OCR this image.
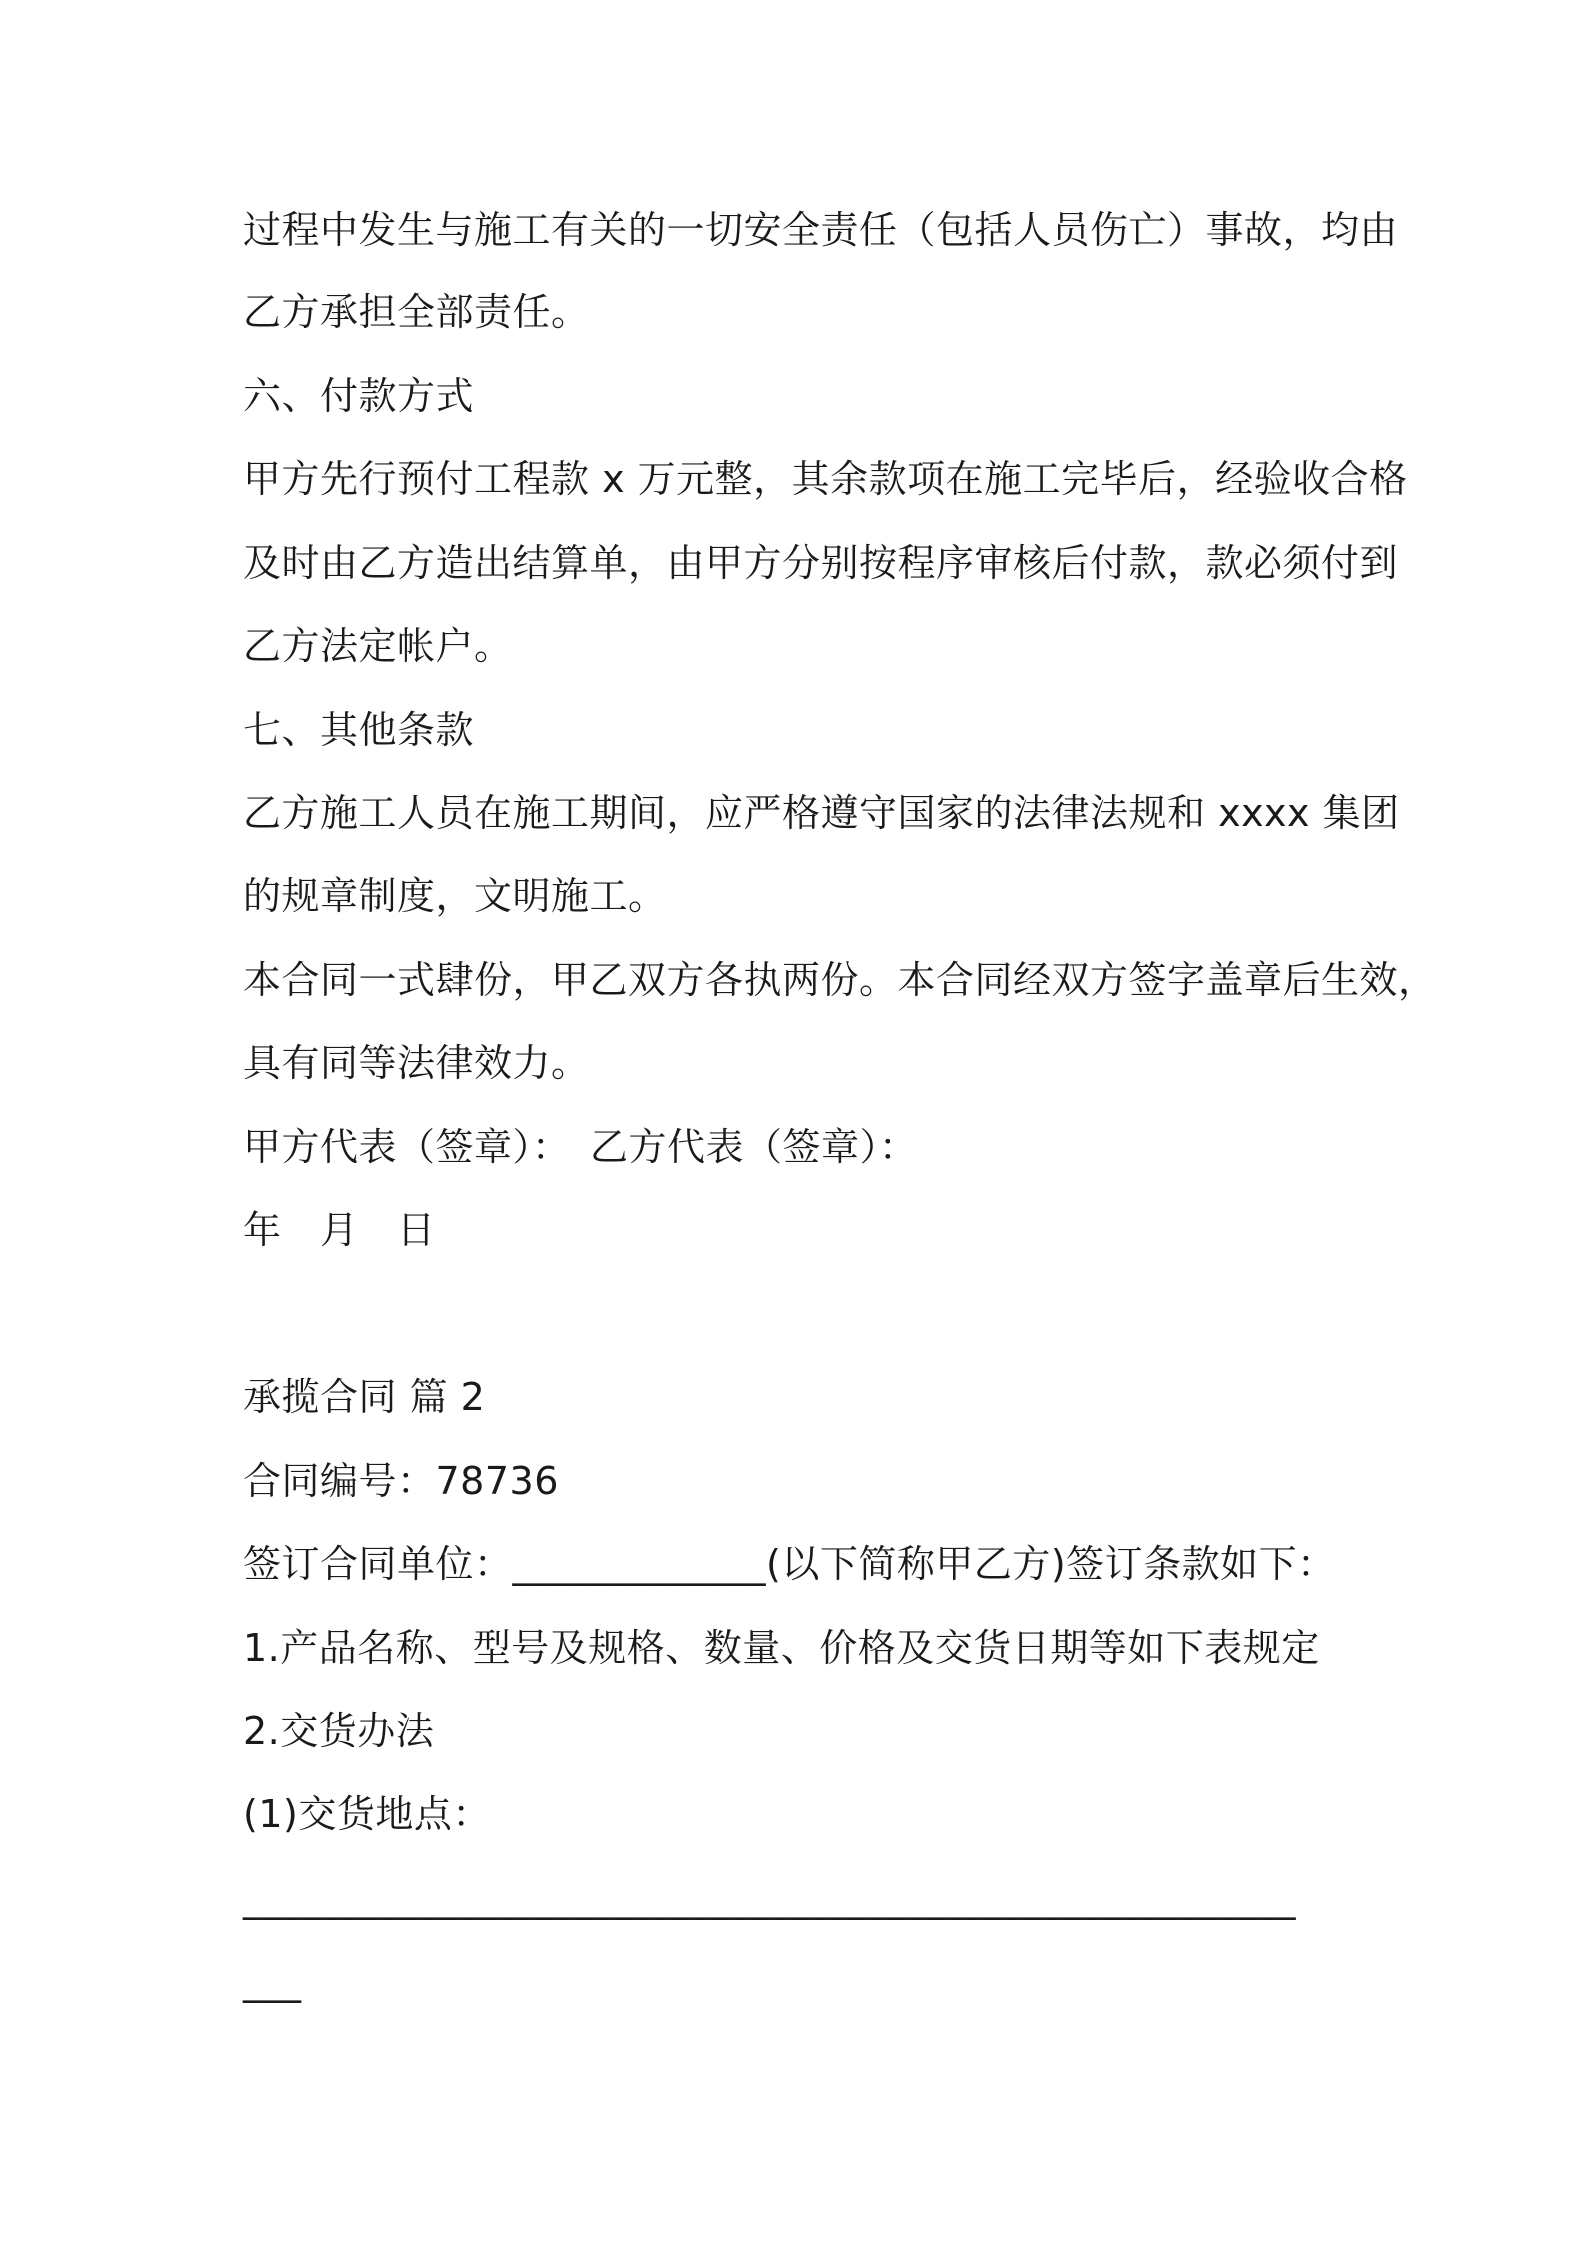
过程中发生与施工有关的一切安全责任（包括人员伤亡）事故，均由
乙方承担全部责任。
六、付款方式
甲方先行预付工程款 x 万元整，其余款项在施工完毕后，经验收合格
及时由乙方造出结算单，由甲方分别按程序审核后付款，款必须付到
乙方法定帐户。
七、其他条款
乙方施工人员在施工期间，应严格遵守国家的法律法规和 xxxx 集团
的规章制度，文明施工。
本合同一式肆份，甲乙双方各执两份。本合同经双方签字盖章后生效，
具有同等法律效力。
甲方代表（签章）：　乙方代表（签章）：
年　月　日
承揽合同 篇 2
合同编号：78736
签订合同单位：_____________(以下简称甲乙方)签订条款如下：
1.产品名称、型号及规格、数量、价格及交货日期等如下表规定
2.交货办法
(1)交货地点：
______________________________________________________
___
